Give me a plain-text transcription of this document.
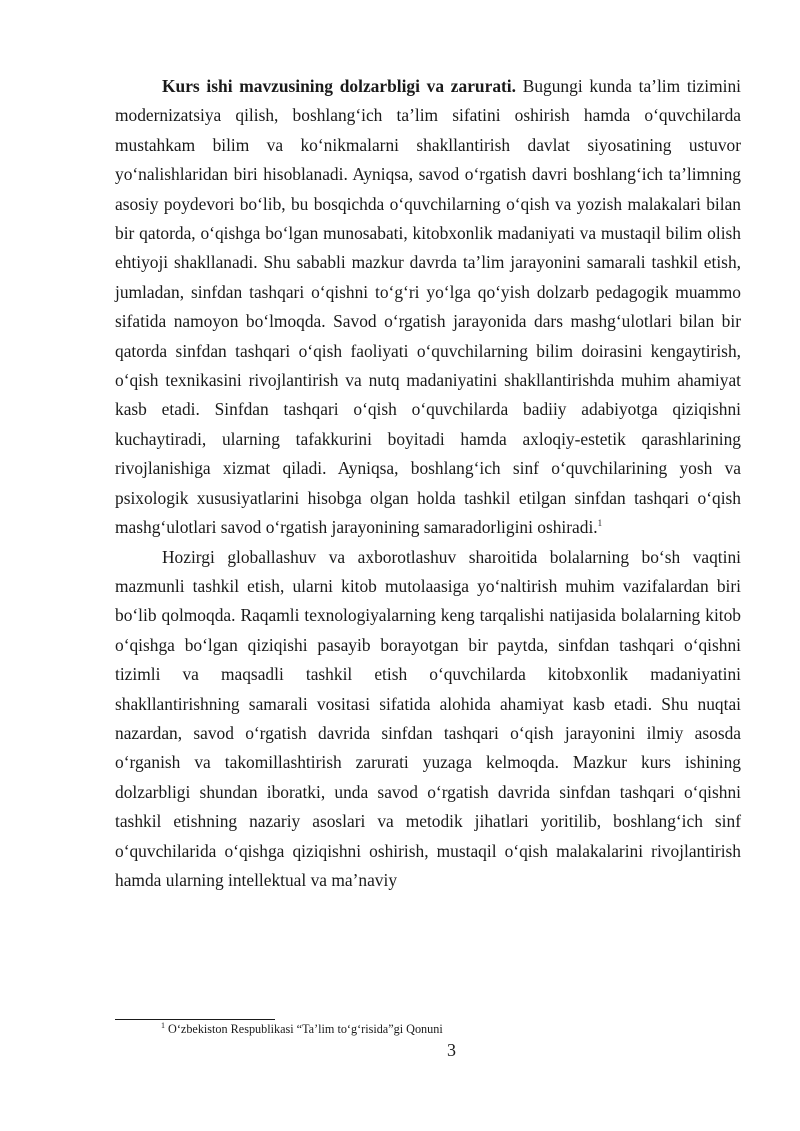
Kurs ishi mavzusining dolzarbligi va zarurati. Bugungi kunda ta’lim tizimini modernizatsiya qilish, boshlang‘ich ta’lim sifatini oshirish hamda o‘quvchilarda mustahkam bilim va ko‘nikmalarni shakllantirish davlat siyosatining ustuvor yo‘nalishlaridan biri hisoblanadi. Ayniqsa, savod o‘rgatish davri boshlang‘ich ta’limning asosiy poydevori bo‘lib, bu bosqichda o‘quvchilarning o‘qish va yozish malakalari bilan bir qatorda, o‘qishga bo‘lgan munosabati, kitobxonlik madaniyati va mustaqil bilim olish ehtiyoji shakllanadi. Shu sababli mazkur davrda ta’lim jarayonini samarali tashkil etish, jumladan, sinfdan tashqari o‘qishni to‘g‘ri yo‘lga qo‘yish dolzarb pedagogik muammo sifatida namoyon bo‘lmoqda. Savod o‘rgatish jarayonida dars mashg‘ulotlari bilan bir qatorda sinfdan tashqari o‘qish faoliyati o‘quvchilarning bilim doirasini kengaytirish, o‘qish texnikasini rivojlantirish va nutq madaniyatini shakllantirishda muhim ahamiyat kasb etadi. Sinfdan tashqari o‘qish o‘quvchilarda badiiy adabiyotga qiziqishni kuchaytiradi, ularning tafakkurini boyitadi hamda axloqiy-estetik qarashlarining rivojlanishiga xizmat qiladi. Ayniqsa, boshlang‘ich sinf o‘quvchilarining yosh va psixologik xususiyatlarini hisobga olgan holda tashkil etilgan sinfdan tashqari o‘qish mashg‘ulotlari savod o‘rgatish jarayonining samaradorligini oshiradi.$^1$

Hozirgi globallashuv va axborotlashuv sharoitida bolalarning bo‘sh vaqtini mazmunli tashkil etish, ularni kitob mutolaasiga yo‘naltirish muhim vazifalardan biri bo‘lib qolmoqda. Raqamli texnologiyalarning keng tarqalishi natijasida bolalarning kitob o‘qishga bo‘lgan qiziqishi pasayib borayotgan bir paytda, sinfdan tashqari o‘qishni tizimli va maqsadli tashkil etish o‘quvchilarda kitobxonlik madaniyatini shakllantirishning samarali vositasi sifatida alohida ahamiyat kasb etadi. Shu nuqtai nazardan, savod o‘rgatish davrida sinfdan tashqari o‘qish jarayonini ilmiy asosda o‘rganish va takomillashtirish zarurati yuzaga kelmoqda. Mazkur kurs ishining dolzarbligi shundan iboratki, unda savod o‘rgatish davrida sinfdan tashqari o‘qishni tashkil etishning nazariy asoslari va metodik jihatlari yoritilib, boshlang‘ich sinf o‘quvchilarida o‘qishga qiziqishni oshirish, mustaqil o‘qish malakalarini rivojlantirish hamda ularning intellektual va ma’naviy

$^1$ O‘zbekiston Respublikasi “Ta’lim to‘g‘risida”gi Qonuni
3
